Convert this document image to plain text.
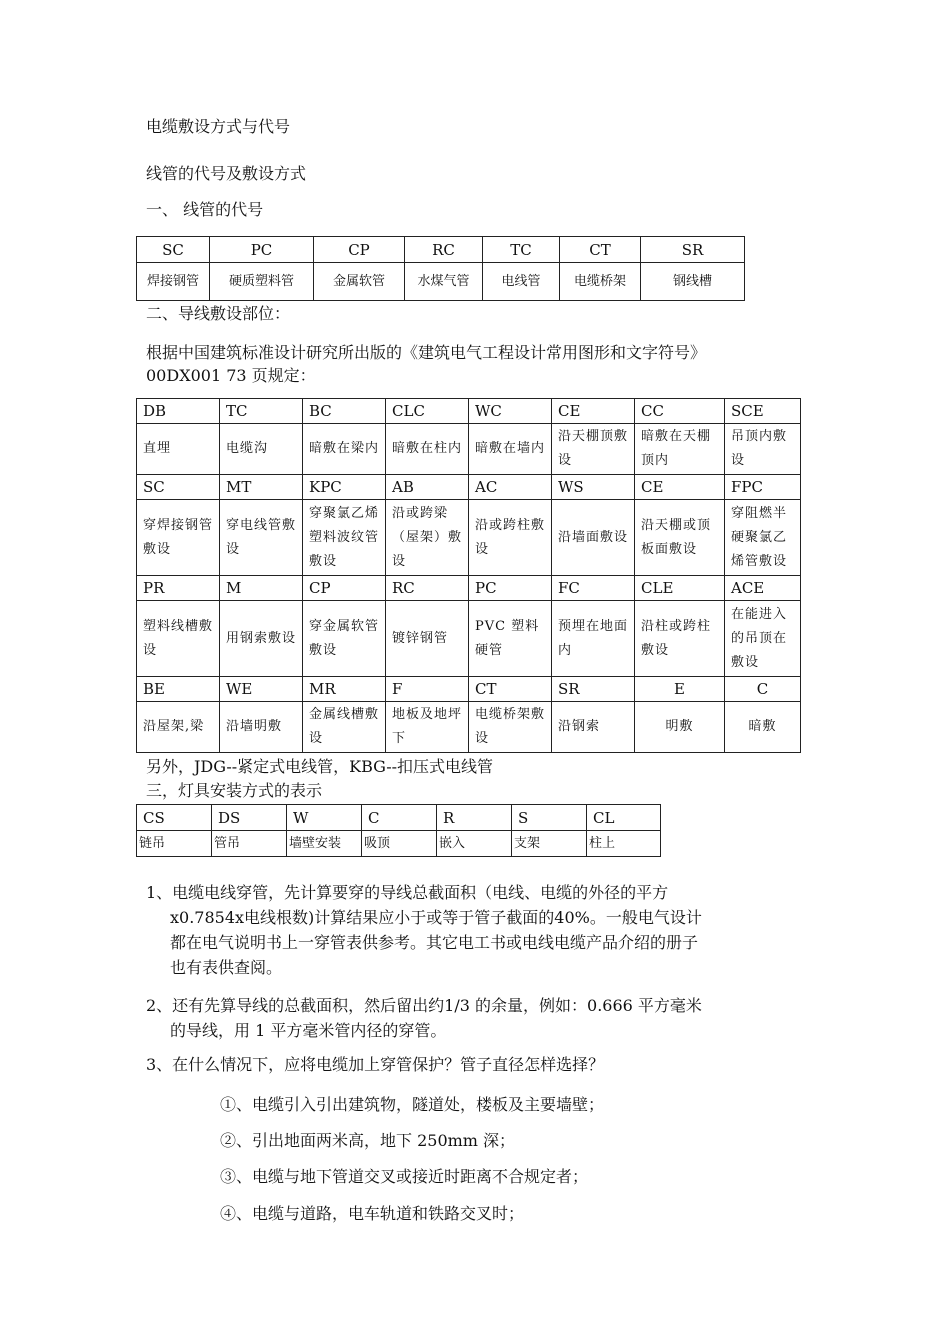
电缆敷设方式与代号
线管的代号及敷设方式
一、 线管的代号
SC	PC	CP	RC	TC	CT	SR
焊接钢管	硬质塑料管	金属软管	水煤气管	电线管	电缆桥架	钢线槽
二、导线敷设部位：
根据中国建筑标准设计研究所出版的《建筑电气工程设计常用图形和文字符号》
00DX001 73 页规定：
DB	TC	BC	CLC	WC	CE	CC	SCE
直埋	电缆沟	暗敷在梁内	暗敷在柱内	暗敷在墙内	沿天棚顶敷设	暗敷在天棚顶内	吊顶内敷设
SC	MT	KPC	AB	AC	WS	CE	FPC
穿焊接钢管敷设	穿电线管敷设	穿聚氯乙烯塑料波纹管敷设	沿或跨梁（屋架）敷设	沿或跨柱敷设	沿墙面敷设	沿天棚或顶板面敷设	穿阻燃半硬聚氯乙烯管敷设
PR	M	CP	RC	PC	FC	CLE	ACE
塑料线槽敷设	用钢索敷设	穿金属软管敷设	镀锌钢管	PVC 塑料硬管	预埋在地面内	沿柱或跨柱敷设	在能进入的吊顶在敷设
BE	WE	MR	F	CT	SR	E	C
沿屋架,梁	沿墙明敷	金属线槽敷设	地板及地坪下	电缆桥架敷设	沿钢索	明敷	暗敷
另外，JDG--紧定式电线管，KBG--扣压式电线管
三，灯具安装方式的表示
CS	DS	W	C	R	S	CL
链吊	管吊	墙壁安装	吸顶	嵌入	支架	柱上
1、电缆电线穿管，先计算要穿的导线总截面积（电线、电缆的外径的平方
x0.7854x电线根数)计算结果应小于或等于管子截面的40%。一般电气设计
都在电气说明书上一穿管表供参考。其它电工书或电线电缆产品介绍的册子
也有表供查阅。
2、还有先算导线的总截面积，然后留出约1/3 的余量，例如：0.666 平方毫米
的导线，用 1 平方毫米管内径的穿管。
3、在什么情况下，应将电缆加上穿管保护？管子直径怎样选择？
①、电缆引入引出建筑物，隧道处，楼板及主要墙壁；
②、引出地面两米高，地下 250mm 深；
③、电缆与地下管道交叉或接近时距离不合规定者；
④、电缆与道路，电车轨道和铁路交叉时；
